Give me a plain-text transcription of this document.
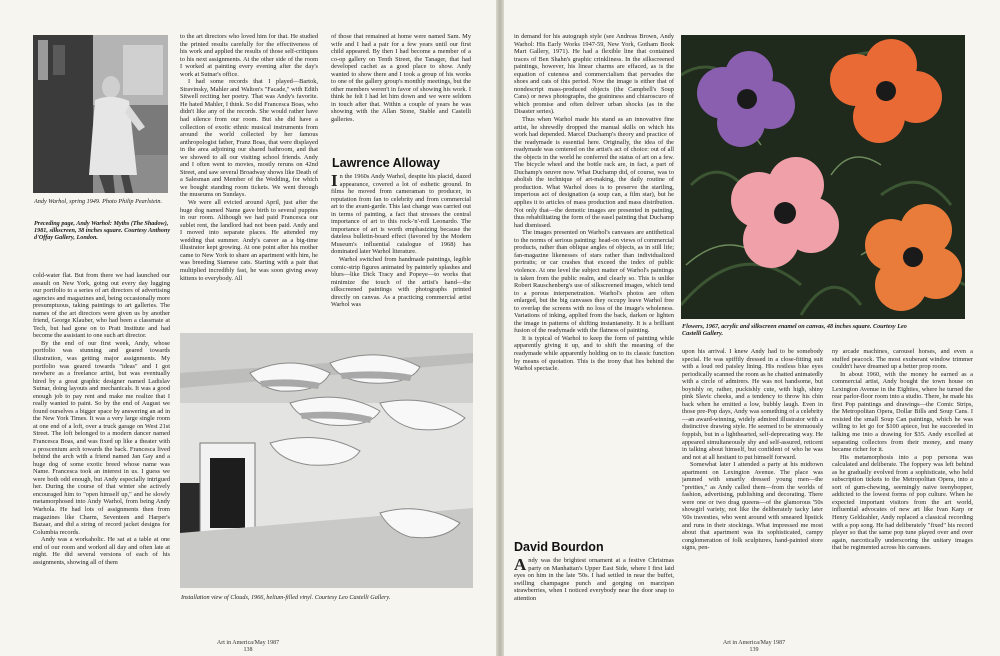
Andy Warhol, spring 1949. Photo Philip Pearlstein.
Preceding page, Andy Warhol: Myths (The Shadow), 1981, silkscreen, 38 inches square. Courtesy Anthony d'Offay Gallery, London.

cold-water flat. But from there we had launched our assault on New York, going out every day lugging our portfolio to a series of art directors of advertising agencies and magazines and, being occasionally more presumptuous, taking paintings to art galleries. The names of the art directors were given us by another friend, George Klauber, who had been a classmate at Tech, but had gone on to Pratt Institute and had become the assistant to one such art director.

By the end of our first week, Andy, whose portfolio was stunning and geared towards illustration, was getting major assignments. My portfolio was geared towards "ideas" and I got nowhere as a freelance artist, but was eventually hired by a great graphic designer named Ladislav Sutnar, doing layouts and mechanicals. It was a good enough job to pay rent and make me realize that I really wanted to paint. So by the end of August we found ourselves a bigger space by answering an ad in the New York Times. It was a very large single room at one end of a loft, over a truck garage on West 21st Street. The loft belonged to a modern dancer named Francesca Boas, and was fixed up like a theater with a proscenium arch towards the back. Francesca lived behind the arch with a friend named Jan Gay and a huge dog of some exotic breed whose name was Name. Francesca took an interest in us. I guess we were both odd enough, but Andy especially intrigued her. During the course of that winter she actively encouraged him to "open himself up," and he slowly metamorphosed into Andy Warhol, from being Andy Warhola. He had lots of assignments then from magazines like Charm, Seventeen and Harper's Bazaar, and did a string of record jacket designs for Columbia records.

Andy was a workaholic. He sat at a table at one end of our room and worked all day and often late at night. He did several versions of each of his assignments, showing all of them

to the art directors who loved him for that. He studied the printed results carefully for the effectiveness of his work and applied the results of those self-critiques to his next assignments. At the other side of the room I worked at painting every evening after the day's work at Sutnar's office.

I had some records that I played—Bartok, Stravinsky, Mahler and Walton's "Facade," with Edith Sitwell reciting her poetry. That was Andy's favorite. He hated Mahler, I think. So did Francesca Boas, who didn't like any of the records. She would rather have had silence from our room. But she did have a collection of exotic ethnic musical instruments from around the world collected by her famous anthropologist father, Franz Boas, that were displayed in the area adjoining our shared bathroom, and that we showed to all our visiting school friends. Andy and I often went to movies, mostly reruns on 42nd Street, and saw several Broadway shows like Death of a Salesman and Member of the Wedding, for which we bought standing room tickets. We went through the museums on Sundays.

We were all evicted around April, just after the huge dog named Name gave birth to several puppies in our room. Although we had paid Francesca our sublet rent, the landlord had not been paid. Andy and I moved into separate places. He attended my wedding that summer. Andy's career as a big-time illustrator kept growing. At one point after his mother came to New York to share an apartment with him, he was breeding Siamese cats. Starting with a pair that multiplied incredibly fast, he was soon giving away kittens to everybody. All

of those that remained at home were named Sam. My wife and I had a pair for a few years until our first child appeared. By then I had become a member of a co-op gallery on Tenth Street, the Tanager, that had developed cachet as a good place to show. Andy wanted to show there and I took a group of his works to one of the gallery group's monthly meetings, but the other members weren't in favor of showing his work. I think he felt I had let him down and we were seldom in touch after that. Within a couple of years he was showing with the Allan Stone, Stable and Castelli galleries.

Lawrence Alloway

In the 1960s Andy Warhol, despite his placid, dazed appearance, covered a lot of esthetic ground. In films he moved from cameraman to producer, in reputation from fan to celebrity and from commercial art to the avant-garde. This last change was carried out in terms of painting, a fact that stresses the central importance of art to this rock-'n'-roll Leonardo. The importance of art is worth emphasizing because the dateless bulletin-board effect (favored by the Modern Museum's influential catalogue of 1968) has dominated later Warhol literature.

Warhol switched from handmade paintings, legible comic-strip figures animated by painterly splashes and blurs—like Dick Tracy and Popeye—to works that minimize the touch of the artist's hand—the silkscreened paintings with photographs printed directly on canvas. As a practicing commercial artist Warhol was

Installation view of Clouds, 1966, helium-filled vinyl. Courtesy Leo Castelli Gallery.
Art in America/May 1987
138

in demand for his autograph style (see Andreas Brown, Andy Warhol: His Early Works 1947-59, New York, Gotham Book Mart Gallery, 1971). He had a flexible line that contained traces of Ben Shahn's graphic crinkliness. In the silkscreened paintings, however, his linear charms are effaced, as is the equation of cuteness and commercialism that pervades the shoes and cats of this period. Now the image is either that of nondescript mass-produced objects (the Campbell's Soup Cans) or news photographs, the graininess and chiaroscuro of which promise and often deliver urban shocks (as in the Disaster series).

Thus when Warhol made his stand as an innovative fine artist, he shrewdly dropped the manual skills on which his work had depended. Marcel Duchamp's theory and practice of the readymade is essential here. Originally, the idea of the readymade was centered on the artist's act of choice: out of all the objects in the world he conferred the status of art on a few. The bicycle wheel and the bottle rack are, in fact, a part of Duchamp's oeuvre now. What Duchamp did, of course, was to abolish the technique of art-making, the daily routine of production. What Warhol does is to preserve the startling, imperious act of designation (a soup can, a film star), but he applies it to articles of mass production and mass distribution. Not only that—the demotic images are presented in painting, thus rehabilitating the form of the easel painting that Duchamp had dismissed.

The images presented on Warhol's canvases are antithetical to the norms of serious painting: head-on views of commercial products, rather than oblique angles of objects, as in still life; fan-magazine likenesses of stars rather than individualized portraits; or car crashes that exceed the index of public violence. At one level the subject matter of Warhol's paintings is taken from the public realm, and clearly so. This is unlike Robert Rauschenberg's use of silkscreened images, which tend to a porous interpenetration. Warhol's photos are often enlarged, but the big canvases they occupy leave Warhol free to overlap the screens with no loss of the image's wholeness. Variations of inking, applied from the back, darken or lighten the image in patterns of shifting instantaneity. It is a brilliant fusion of the readymade with the flatness of painting.

It is typical of Warhol to keep the form of painting while apparently giving it up, and to shift the meaning of the readymade while apparently holding on to its classic function by means of quotation. This is the irony that lies behind the Warhol spectacle.

David Bourdon

Andy was the brightest ornament at a festive Christmas party on Manhattan's Upper East Side, where I first laid eyes on him in the late '50s. I had settled in near the buffet, swilling champagne punch and gorging on marzipan strawberries, when I noticed everybody near the door snap to attention

Flowers, 1967, acrylic and silkscreen enamel on canvas, 48 inches square. Courtesy Leo Castelli Gallery.

upon his arrival. I knew Andy had to be somebody special. He was spiffily dressed in a close-fitting suit with a loud red paisley lining. His restless blue eyes periodically scanned the room as he chatted animatedly with a circle of admirers. He was not handsome, but boyishly or, rather, puckishly cute, with high, shiny pink Slavic cheeks, and a tendency to throw his chin back when he emitted a low, bubbly laugh. Even in those pre-Pop days, Andy was something of a celebrity—an award-winning, widely admired illustrator with a distinctive drawing style. He seemed to be strenuously foppish, but in a lighthearted, self-deprecating way. He appeared simultaneously shy and self-assured, reticent in talking about himself, but confident of who he was and not at all hesitant to put himself forward.

Somewhat later I attended a party at his midtown apartment on Lexington Avenue. The place was jammed with smartly dressed young men—the "pretties," as Andy called them—from the worlds of fashion, advertising, publishing and decorating. There were one or two drag queens—of the glamorous '50s showgirl variety, not like the deliberately tacky later '60s travesties, who went around with smeared lipstick and runs in their stockings. What impressed me most about that apartment was its sophisticated, campy conglomeration of folk sculptures, hand-painted store signs, pen-

ny arcade machines, carousel horses, and even a stuffed peacock. The most exuberant window trimmer couldn't have dreamed up a better prop room.

In about 1960, with the money he earned as a commercial artist, Andy bought the town house on Lexington Avenue in the Eighties, where he turned the rear parlor-floor room into a studio. There, he made his first Pop paintings and drawings—the Comic Strips, the Metropolitan Opera, Dollar Bills and Soup Cans. I resisted the small Soup Can paintings, which he was willing to let go for $100 apiece, but he succeeded in talking me into a drawing for $35. Andy excelled at separating collectors from their money, and many became richer for it.

His metamorphosis into a pop persona was calculated and deliberate. The foppery was left behind as he gradually evolved from a sophisticate, who held subscription tickets to the Metropolitan Opera, into a sort of gum-chewing, seemingly naive teenybopper, addicted to the lowest forms of pop culture. When he expected important visitors from the art world, influential advocates of new art like Ivan Karp or Henry Geldzahler, Andy replaced a classical recording with a pop song. He had deliberately "fixed" his record player so that the same pop tune played over and over again, narcotically underscoring the unitary images that he regimented across his canvases.

Art in America/May 1987
139
